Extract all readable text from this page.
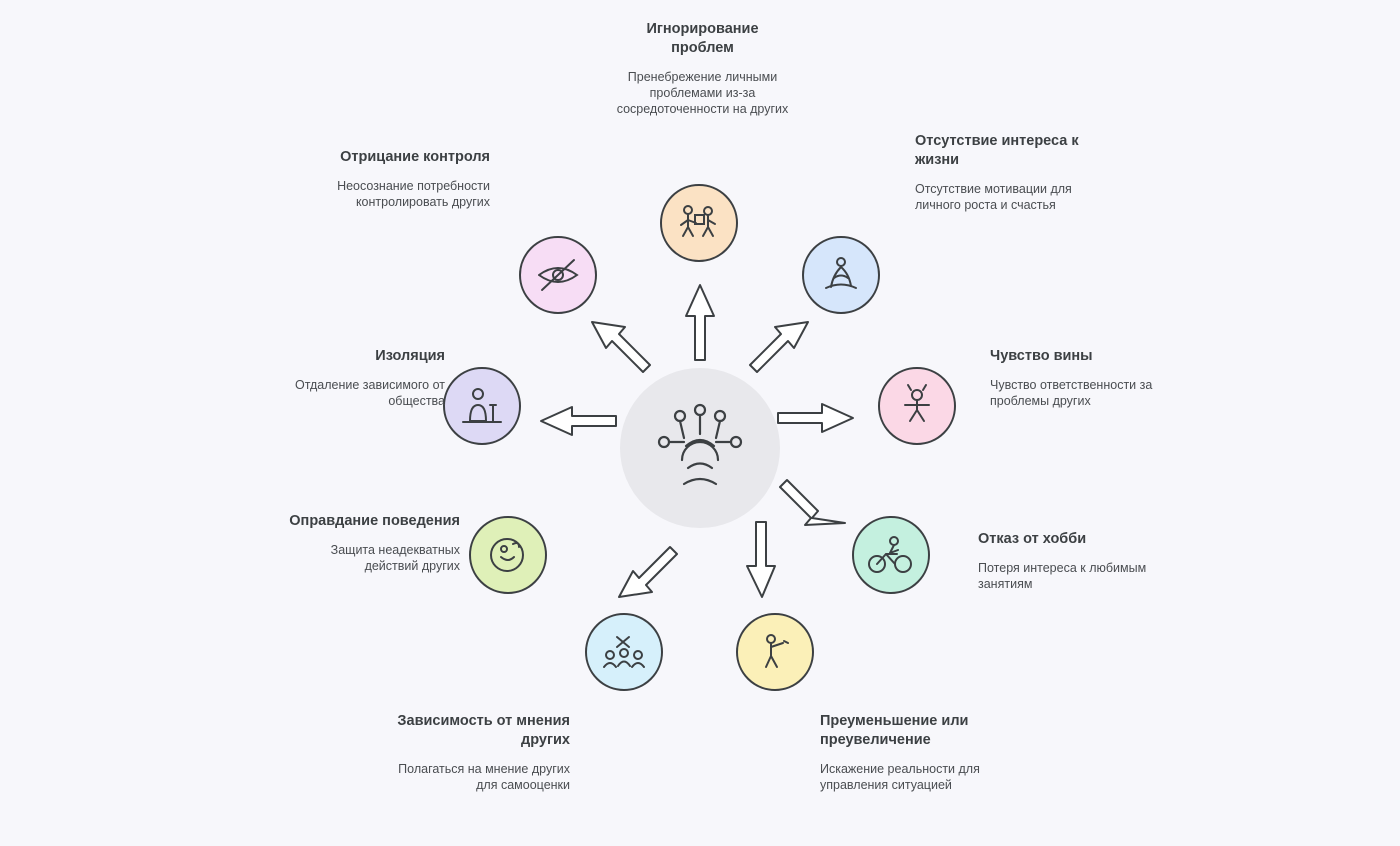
Игнорирование проблем
Пренебрежение личными проблемами из-за сосредоточенности на других
Отсутствие интереса к жизни
Отсутствие мотивации для личного роста и счастья
Чувство вины
Чувство ответственности за проблемы других
Отказ от хобби
Потеря интереса к любимым занятиям
Преуменьшение или преувеличение
Искажение реальности для управления ситуацией
Зависимость от мнения других
Полагаться на мнение других для самооценки
Оправдание поведения
Защита неадекватных действий других
Изоляция
Отдаление зависимого от общества
Отрицание контроля
Неосознание потребности контролировать других
